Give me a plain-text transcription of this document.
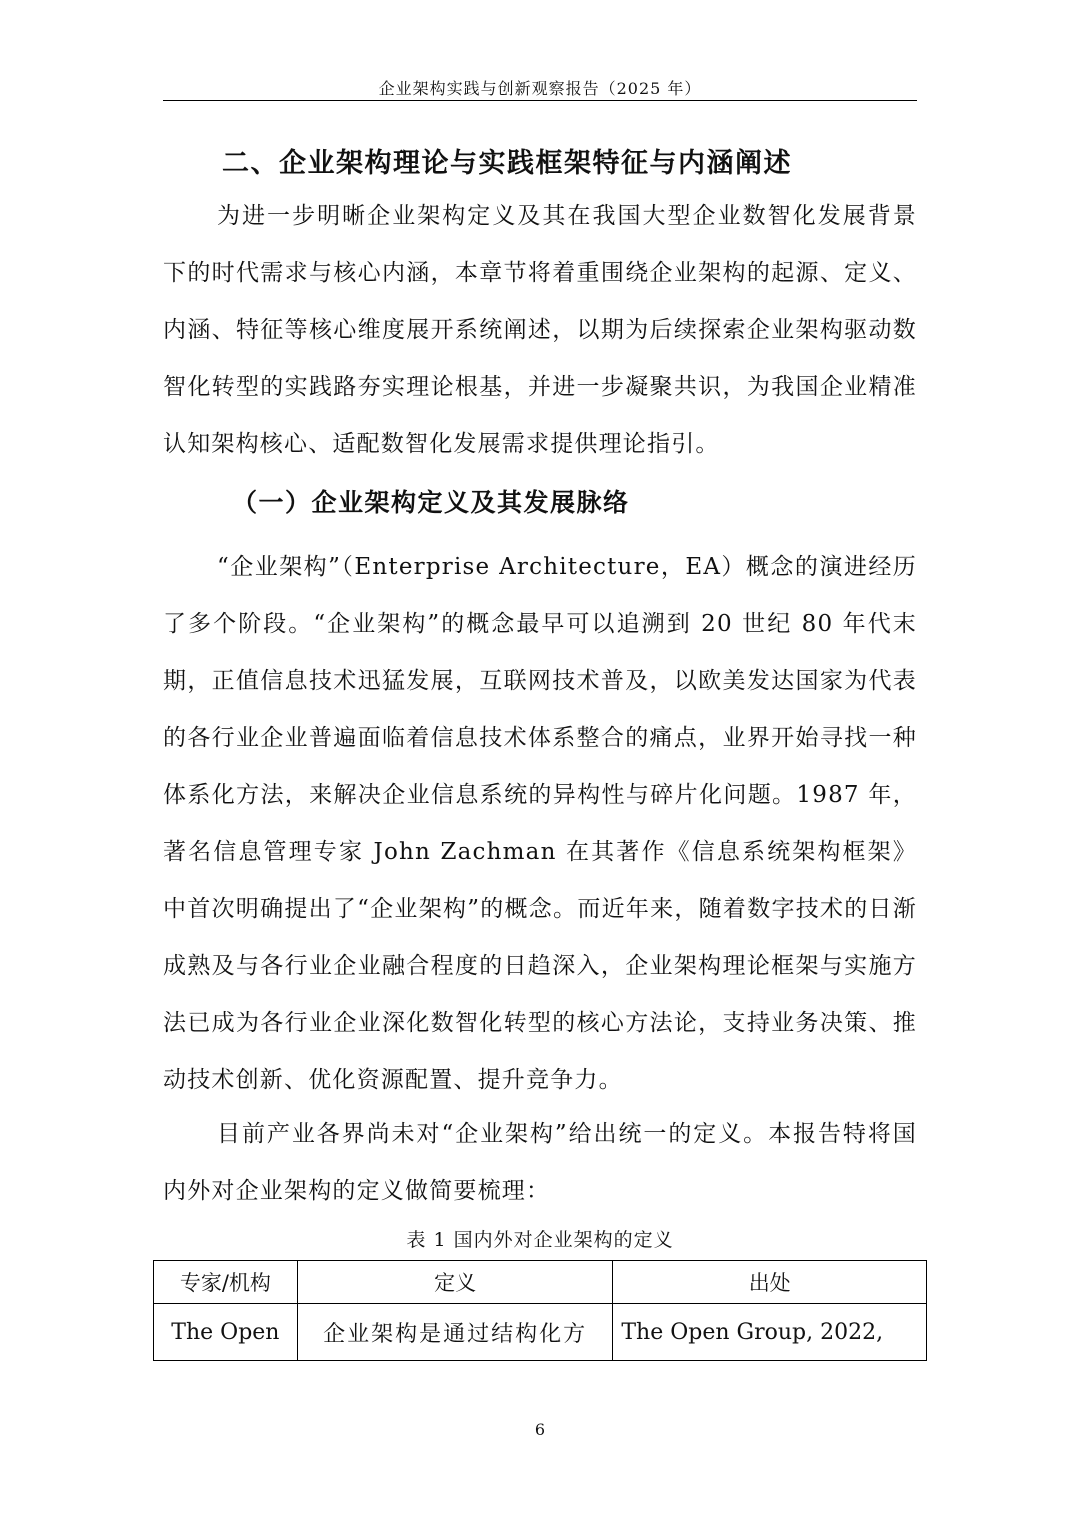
企业架构实践与创新观察报告（2025 年）
二、企业架构理论与实践框架特征与内涵阐述

为进一步明晰企业架构定义及其在我国大型企业数智化发展背景下的时代需求与核心内涵，本章节将着重围绕企业架构的起源、定义、内涵、特征等核心维度展开系统阐述，以期为后续探索企业架构驱动数智化转型的实践路夯实理论根基，并进一步凝聚共识，为我国企业精准认知架构核心、适配数智化发展需求提供理论指引。

（一）企业架构定义及其发展脉络

“企业架构”（Enterprise Architecture，EA）概念的演进经历了多个阶段。“企业架构”的概念最早可以追溯到 20 世纪 80 年代末期，正值信息技术迅猛发展，互联网技术普及，以欧美发达国家为代表的各行业企业普遍面临着信息技术体系整合的痛点，业界开始寻找一种体系化方法，来解决企业信息系统的异构性与碎片化问题。1987 年，著名信息管理专家 John Zachman 在其著作《信息系统架构框架》中首次明确提出了“企业架构”的概念。而近年来，随着数字技术的日渐成熟及与各行业企业融合程度的日趋深入，企业架构理论框架与实施方法已成为各行业企业深化数智化转型的核心方法论，支持业务决策、推动技术创新、优化资源配置、提升竞争力。

目前产业各界尚未对“企业架构”给出统一的定义。本报告特将国内外对企业架构的定义做简要梳理：

表 1 国内外对企业架构的定义
专家/机构	定义	出处
The Open	企业架构是通过结构化方	The Open Group, 2022,
6
